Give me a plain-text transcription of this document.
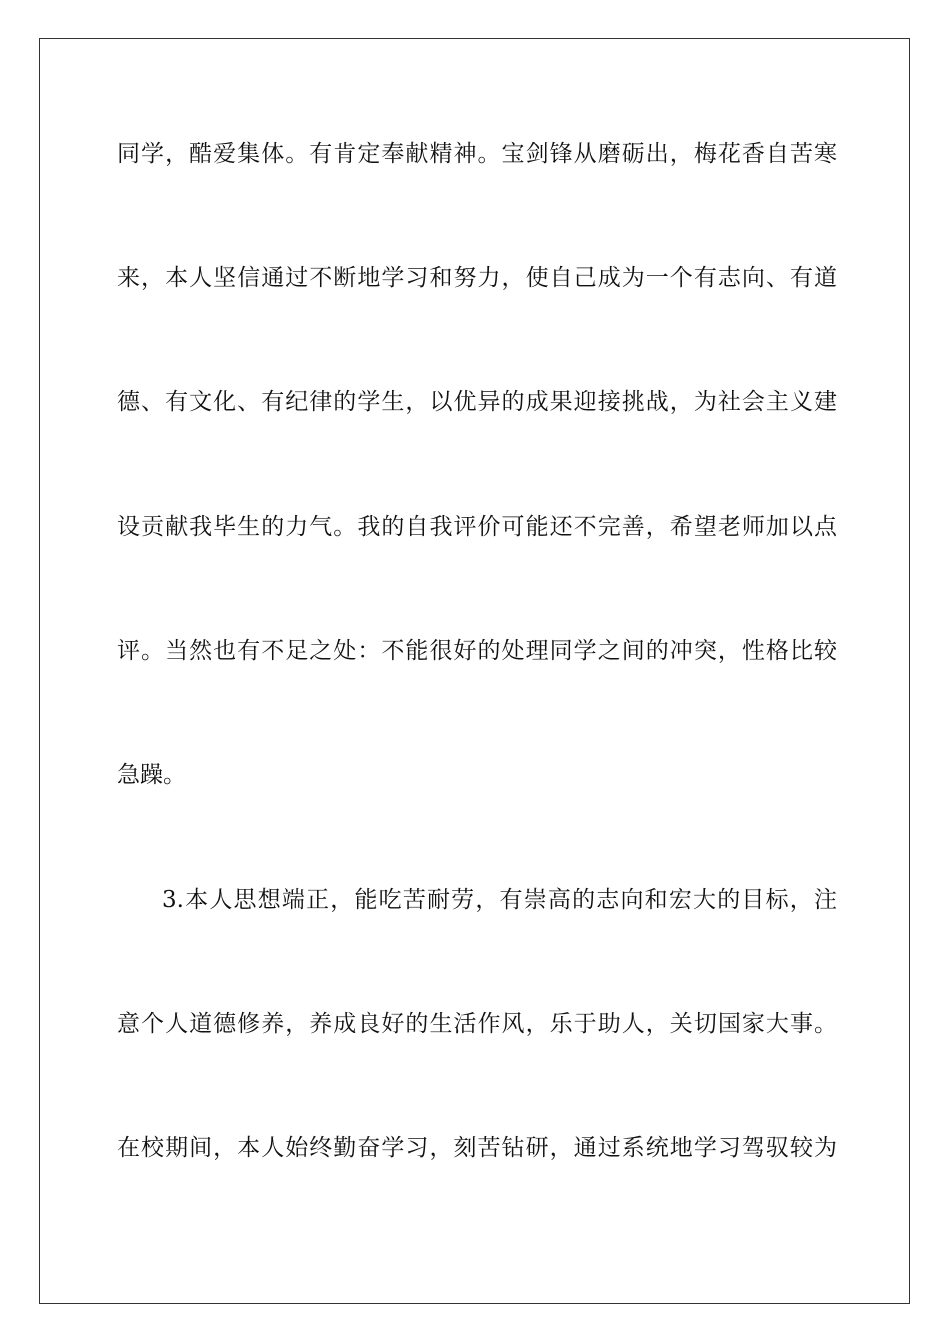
同学，酷爱集体。有肯定奉献精神。宝剑锋从磨砺出，梅花香自苦寒
来，本人坚信通过不断地学习和努力，使自己成为一个有志向、有道
德、有文化、有纪律的学生，以优异的成果迎接挑战，为社会主义建
设贡献我毕生的力气。我的自我评价可能还不完善，希望老师加以点
评。当然也有不足之处：不能很好的处理同学之间的冲突，性格比较
急躁。
3.本人思想端正，能吃苦耐劳，有崇高的志向和宏大的目标，注
意个人道德修养，养成良好的生活作风，乐于助人，关切国家大事。
在校期间，本人始终勤奋学习，刻苦钻研，通过系统地学习驾驭较为
